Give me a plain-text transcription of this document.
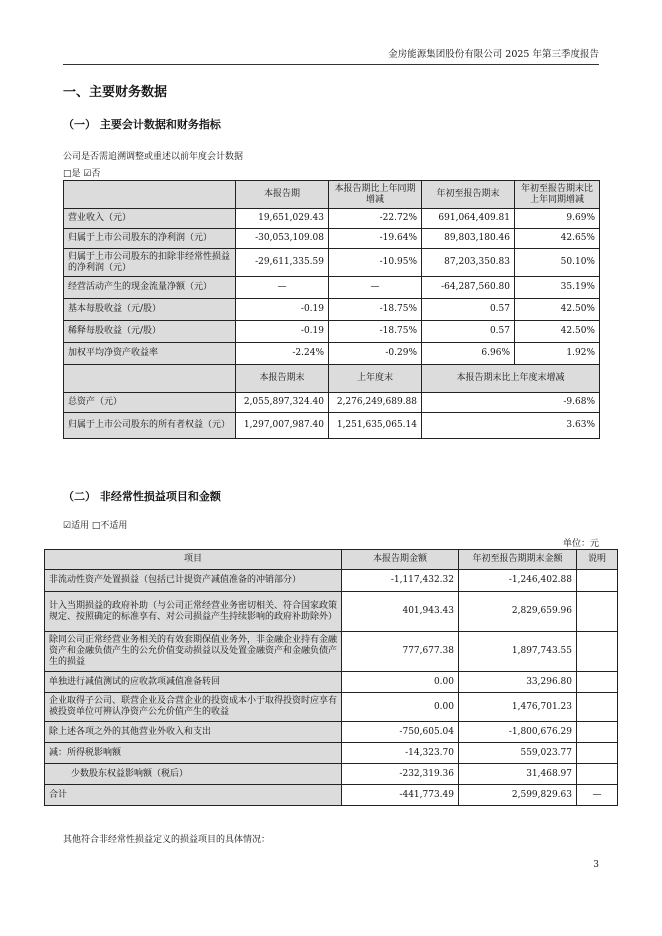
金房能源集团股份有限公司 2025 年第三季度报告
一、主要财务数据
（一） 主要会计数据和财务指标
公司是否需追溯调整或重述以前年度会计数据
□是 ☑否
	本报告期	本报告期比上年同期增减	年初至报告期末	年初至报告期末比上年同期增减
营业收入（元）	19,651,029.43	-22.72%	691,064,409.81	9.69%
归属于上市公司股东的净利润（元）	-30,053,109.08	-19.64%	89,803,180.46	42.65%
归属于上市公司股东的扣除非经常性损益的净利润（元）	-29,611,335.59	-10.95%	87,203,350.83	50.10%
经营活动产生的现金流量净额（元）	—	—	-64,287,560.80	35.19%
基本每股收益（元/股）	-0.19	-18.75%	0.57	42.50%
稀释每股收益（元/股）	-0.19	-18.75%	0.57	42.50%
加权平均净资产收益率	-2.24%	-0.29%	6.96%	1.92%
	本报告期末	上年度末	本报告期末比上年度末增减	
总资产（元）	2,055,897,324.40	2,276,249,689.88	-9.68%	
归属于上市公司股东的所有者权益（元）	1,297,007,987.40	1,251,635,065.14	3.63%	
（二） 非经常性损益项目和金额
☑适用 □不适用
单位：元
项目	本报告期金额	年初至报告期期末金额	说明
非流动性资产处置损益（包括已计提资产减值准备的冲销部分）	-1,117,432.32	-1,246,402.88	
计入当期损益的政府补助（与公司正常经营业务密切相关、符合国家政策规定、按照确定的标准享有、对公司损益产生持续影响的政府补助除外）	401,943.43	2,829,659.96	
除同公司正常经营业务相关的有效套期保值业务外，非金融企业持有金融资产和金融负债产生的公允价值变动损益以及处置金融资产和金融负债产生的损益	777,677.38	1,897,743.55	
单独进行减值测试的应收款项减值准备转回	0.00	33,296.80	
企业取得子公司、联营企业及合营企业的投资成本小于取得投资时应享有被投资单位可辨认净资产公允价值产生的收益	0.00	1,476,701.23	
除上述各项之外的其他营业外收入和支出	-750,605.04	-1,800,676.29	
减：所得税影响额	-14,323.70	559,023.77	
少数股东权益影响额（税后）	-232,319.36	31,468.97	
合计	-441,773.49	2,599,829.63	—
其他符合非经常性损益定义的损益项目的具体情况：
3
